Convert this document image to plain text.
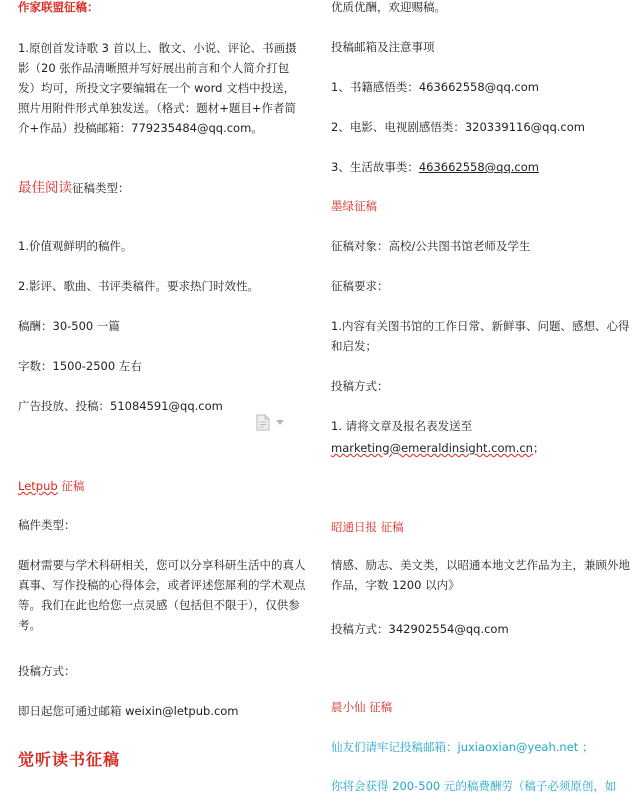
作家联盟征稿：

1.原创首发诗歌 3 首以上、散文、小说、评论、书画摄影（20 张作品清晰照并写好展出前言和个人简介打包发）均可，所投文字要编辑在一个 word 文档中投送，照片用附件形式单独发送。（格式：题材+题目+作者简介+作品）投稿邮箱：779235484@qq.com。

最佳阅读征稿类型：

1.价值观鲜明的稿件。

2.影评、歌曲、书评类稿件。要求热门时效性。

稿酬：30-500 一篇

字数：1500-2500 左右

广告投放、投稿：51084591@qq.com

Letpub 征稿

稿件类型：

题材需要与学术科研相关，您可以分享科研生活中的真人真事、写作投稿的心得体会，或者评述您犀利的学术观点等。我们在此也给您一点灵感（包括但不限于），仅供参考。

投稿方式：

即日起您可通过邮箱 weixin@letpub.com

觉听读书征稿

优质优酬，欢迎赐稿。

投稿邮箱及注意事项

1、书籍感悟类：463662558@qq.com

2、电影、电视剧感悟类：320339116@qq.com

3、生活故事类：463662558@qq.com

墨绿征稿

征稿对象：高校/公共图书馆老师及学生

征稿要求：

1.内容有关图书馆的工作日常、新鲜事、问题、感想、心得和启发；

投稿方式：

1. 请将文章及报名表发送至

marketing@emeraldinsight.com.cn；

昭通日报 征稿

情感、励志、美文类，以昭通本地文艺作品为主，兼顾外地作品，字数 1200 以内》

投稿方式：342902554@qq.com

晨小仙 征稿

仙友们请牢记投稿邮箱：juxiaoxian@yeah.net ；

你将会获得 200-500 元的稿费酬劳（稿子必须原创，如
